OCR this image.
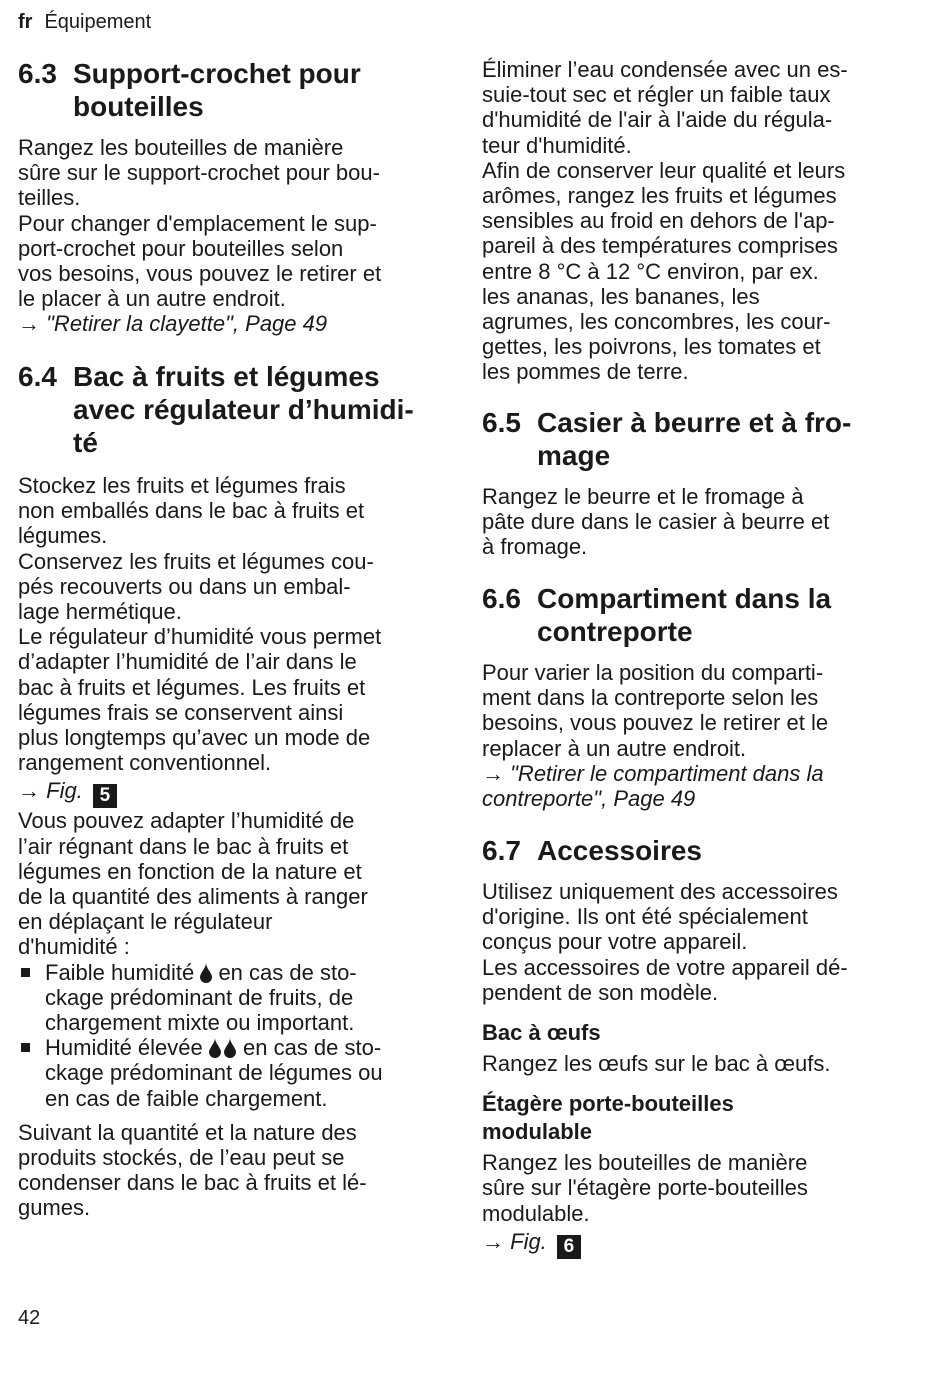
fr Équipement
6.3 Support-crochet pour
bouteilles

Rangez les bouteilles de manière
sûre sur le support-crochet pour bou-
teilles.
Pour changer d'emplacement le sup-
port-crochet pour bouteilles selon
vos besoins, vous pouvez le retirer et
le placer à un autre endroit.

→ "Retirer la clayette", Page 49

6.4 Bac à fruits et légumes
avec régulateur d’humidi-
té

Stockez les fruits et légumes frais
non emballés dans le bac à fruits et
légumes.
Conservez les fruits et légumes cou-
pés recouverts ou dans un embal-
lage hermétique.
Le régulateur d’humidité vous permet
d’adapter l’humidité de l’air dans le
bac à fruits et légumes. Les fruits et
légumes frais se conservent ainsi
plus longtemps qu’avec un mode de
rangement conventionnel.

→ Fig. 5

Vous pouvez adapter l’humidité de
l’air régnant dans le bac à fruits et
légumes en fonction de la nature et
de la quantité des aliments à ranger
en déplaçant le régulateur
d'humidité :

Faible humidité en cas de sto-
ckage prédominant de fruits, de
chargement mixte ou important.
Humidité élevée en cas de sto-
ckage prédominant de légumes ou
en cas de faible chargement.

Suivant la quantité et la nature des
produits stockés, de l’eau peut se
condenser dans le bac à fruits et lé-
gumes.

Éliminer l’eau condensée avec un es-
suie-tout sec et régler un faible taux
d'humidité de l'air à l'aide du régula-
teur d'humidité.
Afin de conserver leur qualité et leurs
arômes, rangez les fruits et légumes
sensibles au froid en dehors de l'ap-
pareil à des températures comprises
entre 8 °C à 12 °C environ, par ex.
les ananas, les bananes, les
agrumes, les concombres, les cour-
gettes, les poivrons, les tomates et
les pommes de terre.

6.5 Casier à beurre et à fro-
mage

Rangez le beurre et le fromage à
pâte dure dans le casier à beurre et
à fromage.

6.6 Compartiment dans la
contreporte

Pour varier la position du comparti-
ment dans la contreporte selon les
besoins, vous pouvez le retirer et le
replacer à un autre endroit.

→ "Retirer le compartiment dans la
contreporte", Page 49

6.7 Accessoires

Utilisez uniquement des accessoires
d'origine. Ils ont été spécialement
conçus pour votre appareil.
Les accessoires de votre appareil dé-
pendent de son modèle.

Bac à œufs

Rangez les œufs sur le bac à œufs.

Étagère porte-bouteilles
modulable

Rangez les bouteilles de manière
sûre sur l'étagère porte-bouteilles
modulable.

→ Fig. 6

42
